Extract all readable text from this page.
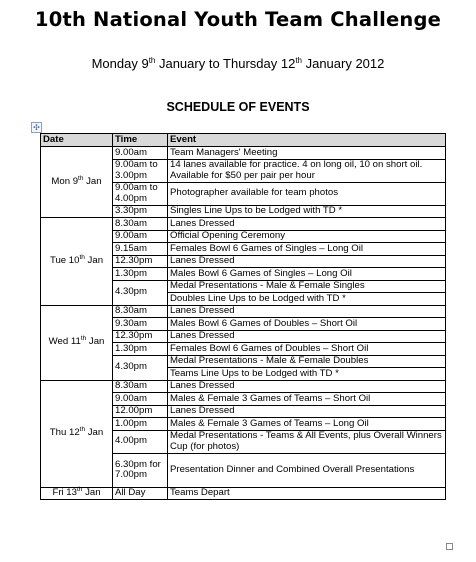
10th National Youth Team Challenge
Monday 9th January to Thursday 12th January 2012
SCHEDULE OF EVENTS
✣
Date	Time	Event
Mon 9th Jan	9.00am	Team Managers' Meeting
	9.00am to 3.00pm	14 lanes available for practice. 4 on long oil, 10 on short oil. Available for $50 per pair per hour
	9.00am to 4.00pm	Photographer available for team photos
	3.30pm	Singles Line Ups to be Lodged with TD *
Tue 10th Jan	8.30am	Lanes Dressed
	9.00am	Official Opening Ceremony
	9.15am	Females Bowl 6 Games of Singles – Long Oil
	12.30pm	Lanes Dressed
	1.30pm	Males Bowl 6 Games of Singles – Long Oil
	4.30pm	Medal Presentations - Male & Female Singles
		Doubles Line Ups to be Lodged with TD *
Wed 11th Jan	8.30am	Lanes Dressed
	9.30am	Males Bowl 6 Games of Doubles – Short Oil
	12.30pm	Lanes Dressed
	1.30pm	Females Bowl 6 Games of Doubles – Short Oil
	4.30pm	Medal Presentations - Male & Female Doubles
		Teams Line Ups to be Lodged with TD *
Thu 12th Jan	8.30am	Lanes Dressed
	9.00am	Males & Female 3 Games of Teams – Short Oil
	12.00pm	Lanes Dressed
	1.00pm	Males & Female 3 Games of Teams – Long Oil
	4.00pm	Medal Presentations - Teams & All Events, plus Overall Winners Cup (for photos)
	6.30pm for 7.00pm	Presentation Dinner and Combined Overall Presentations
Fri 13th Jan	All Day	Teams Depart
